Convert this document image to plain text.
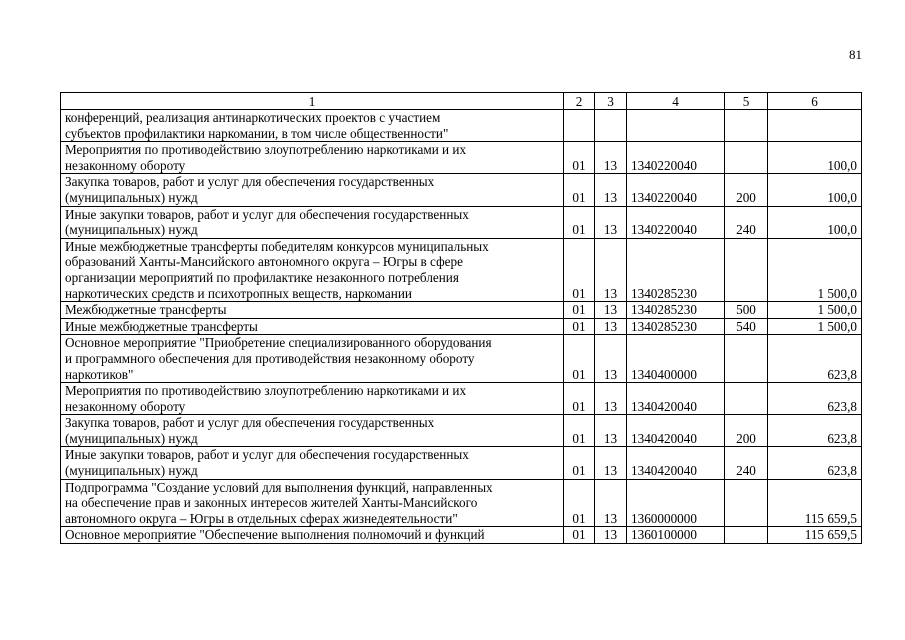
81
1	2	3	4	5	6
конференций, реализация антинаркотических проектов с участием
субъектов профилактики наркомании, в том числе общественности"					
Мероприятия по противодействию злоупотреблению наркотиками и их
незаконному обороту	01	13	1340220040		100,0
Закупка товаров, работ и услуг для обеспечения государственных
(муниципальных) нужд	01	13	1340220040	200	100,0
Иные закупки товаров, работ и услуг для обеспечения государственных
(муниципальных) нужд	01	13	1340220040	240	100,0
Иные межбюджетные трансферты победителям конкурсов муниципальных
образований Ханты-Мансийского автономного округа – Югры в сфере
организации мероприятий по профилактике незаконного потребления
наркотических средств и психотропных веществ, наркомании	01	13	1340285230		1 500,0
Межбюджетные трансферты	01	13	1340285230	500	1 500,0
Иные межбюджетные трансферты	01	13	1340285230	540	1 500,0
Основное мероприятие "Приобретение специализированного оборудования
и программного обеспечения для противодействия незаконному обороту
наркотиков"	01	13	1340400000		623,8
Мероприятия по противодействию злоупотреблению наркотиками и их
незаконному обороту	01	13	1340420040		623,8
Закупка товаров, работ и услуг для обеспечения государственных
(муниципальных) нужд	01	13	1340420040	200	623,8
Иные закупки товаров, работ и услуг для обеспечения государственных
(муниципальных) нужд	01	13	1340420040	240	623,8
Подпрограмма "Создание условий для выполнения функций, направленных
на обеспечение прав и законных интересов жителей Ханты-Мансийского
автономного округа – Югры в отдельных сферах жизнедеятельности"	01	13	1360000000		115 659,5
Основное мероприятие "Обеспечение выполнения полномочий и функций	01	13	1360100000		115 659,5
